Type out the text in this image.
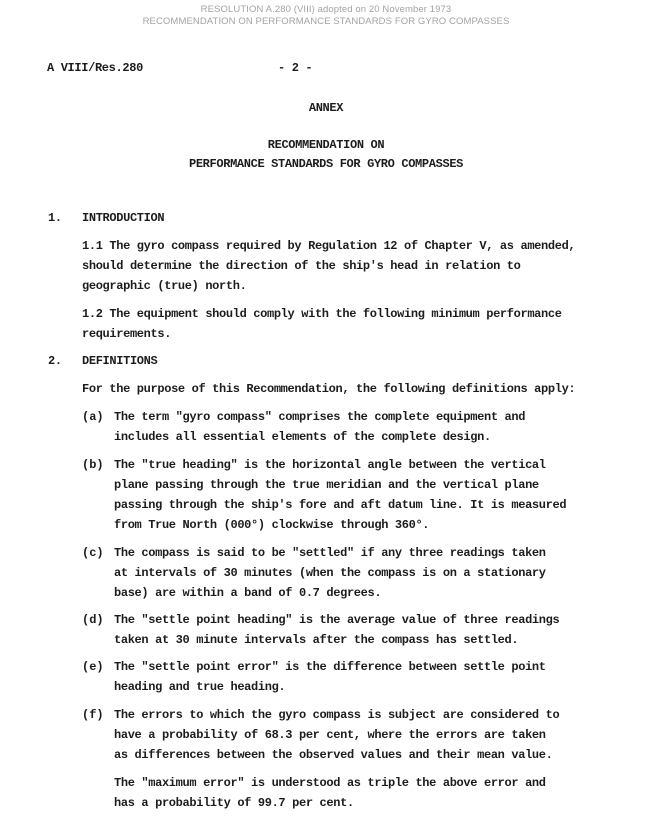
RESOLUTION A.280 (VIII) adopted on 20 November 1973
RECOMMENDATION ON PERFORMANCE STANDARDS FOR GYRO COMPASSES
A VIII/Res.280	- 2 -
ANNEX
RECOMMENDATION ON
PERFORMANCE STANDARDS FOR GYRO COMPASSES
1. INTRODUCTION
1.1 The gyro compass required by Regulation 12 of Chapter V, as amended,
should determine the direction of the ship's head in relation to
geographic (true) north.
1.2 The equipment should comply with the following minimum performance
requirements.
2. DEFINITIONS
For the purpose of this Recommendation, the following definitions apply:
(a) The term "gyro compass" comprises the complete equipment and
includes all essential elements of the complete design.
(b) The "true heading" is the horizontal angle between the vertical
plane passing through the true meridian and the vertical plane
passing through the ship's fore and aft datum line. It is measured
from True North (000°) clockwise through 360°.
(c) The compass is said to be "settled" if any three readings taken
at intervals of 30 minutes (when the compass is on a stationary
base) are within a band of 0.7 degrees.
(d) The "settle point heading" is the average value of three readings
taken at 30 minute intervals after the compass has settled.
(e) The "settle point error" is the difference between settle point
heading and true heading.
(f) The errors to which the gyro compass is subject are considered to
have a probability of 68.3 per cent, where the errors are taken
as differences between the observed values and their mean value.
The "maximum error" is understood as triple the above error and
has a probability of 99.7 per cent.
